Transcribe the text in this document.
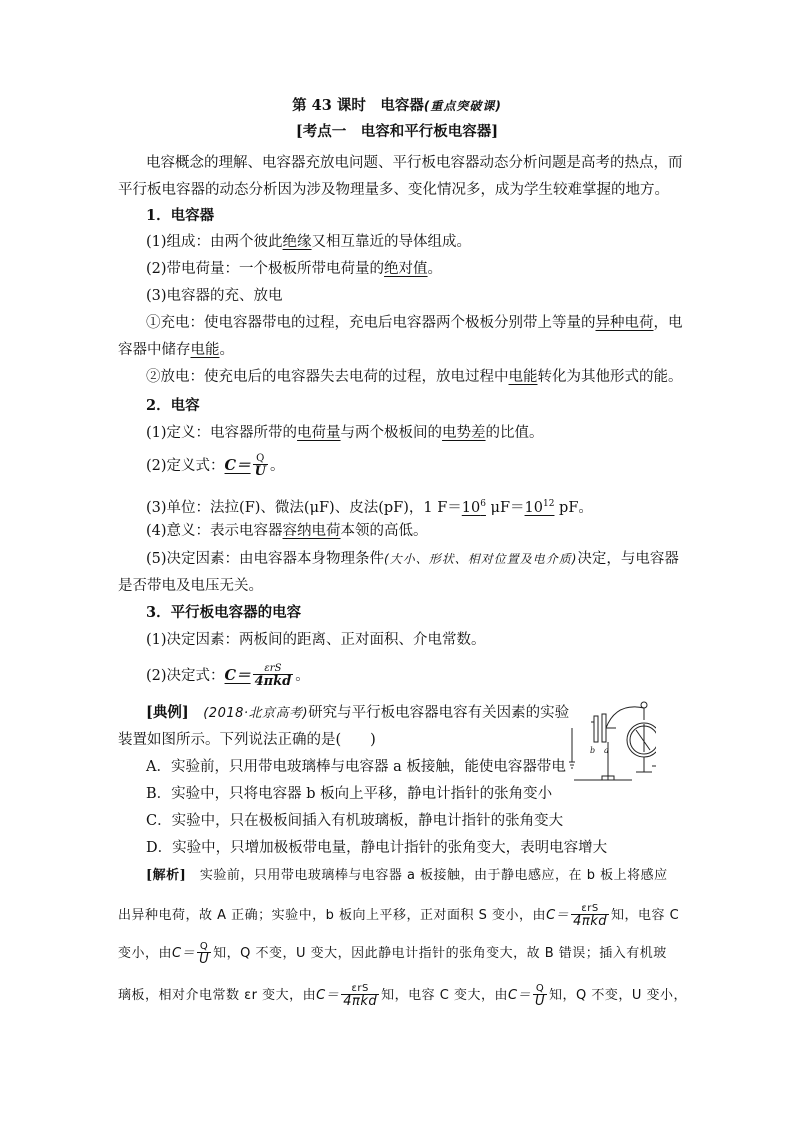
第 43 课时　电容器(重点突破课)
[考点一　电容和平行板电容器]
电容概念的理解、电容器充放电问题、平行板电容器动态分析问题是高考的热点，而
平行板电容器的动态分析因为涉及物理量多、变化情况多，成为学生较难掌握的地方。
1．电容器
(1)组成：由两个彼此绝缘又相互靠近的导体组成。
(2)带电荷量：一个极板所带电荷量的绝对值。
(3)电容器的充、放电
①充电：使电容器带电的过程，充电后电容器两个极板分别带上等量的异种电荷，电
容器中储存电能。
②放电：使充电后的电容器失去电荷的过程，放电过程中电能转化为其他形式的能。
2．电容
(1)定义：电容器所带的电荷量与两个极板间的电势差的比值。
(2)定义式：$C= \frac{Q}{U}$ 。
(3)单位：法拉(F)、微法(μF)、皮法(pF)，1 $F=10^6$ $\mu F=10^{12}$ pF。
(4)意义：表示电容器容纳电荷本领的高低。
(5)决定因素：由电容器本身物理条件(大小、形状、相对位置及电介质)决定，与电容器
是否带电及电压无关。
3．平行板电容器的电容
(1)决定因素：两板间的距离、正对面积、介电常数。
(2)决定式：$C= \frac{\text{εrS}}{\text{4πkd}}$ 。
[典例]　 (2018·北京高考)研究与平行板电容器电容有关因素的实验
装置如图所示。下列说法正确的是(　　)
A．实验前，只用带电玻璃棒与电容器 a 板接触，能使电容器带电
B．实验中，只将电容器 b 板向上平移，静电计指针的张角变小
C．实验中，只在极板间插入有机玻璃板，静电计指针的张角变大
D．实验中，只增加极板带电量，静电计指针的张角变大，表明电容增大
b a
[解析]　 实验前，只用带电玻璃棒与电容器 a 板接触，由于静电感应，在 b 板上将感应
出异种电荷，故 A 正确；实验中，b 板向上平移，正对面积 S 变小，由$C= \frac{\text{εrS}}{\text{4πkd}}$ 知，电容 C
变小，由$C= \frac{Q}{U}$ 知，Q 不变，U 变大，因此静电计指针的张角变大，故 B 错误；插入有机玻
璃板，相对介电常数 εr 变大，由$C= \frac{\text{εrS}}{\text{4πkd}}$ 知，电容 C 变大，由$C= \frac{Q}{U}$ 知，Q 不变，U 变小，
